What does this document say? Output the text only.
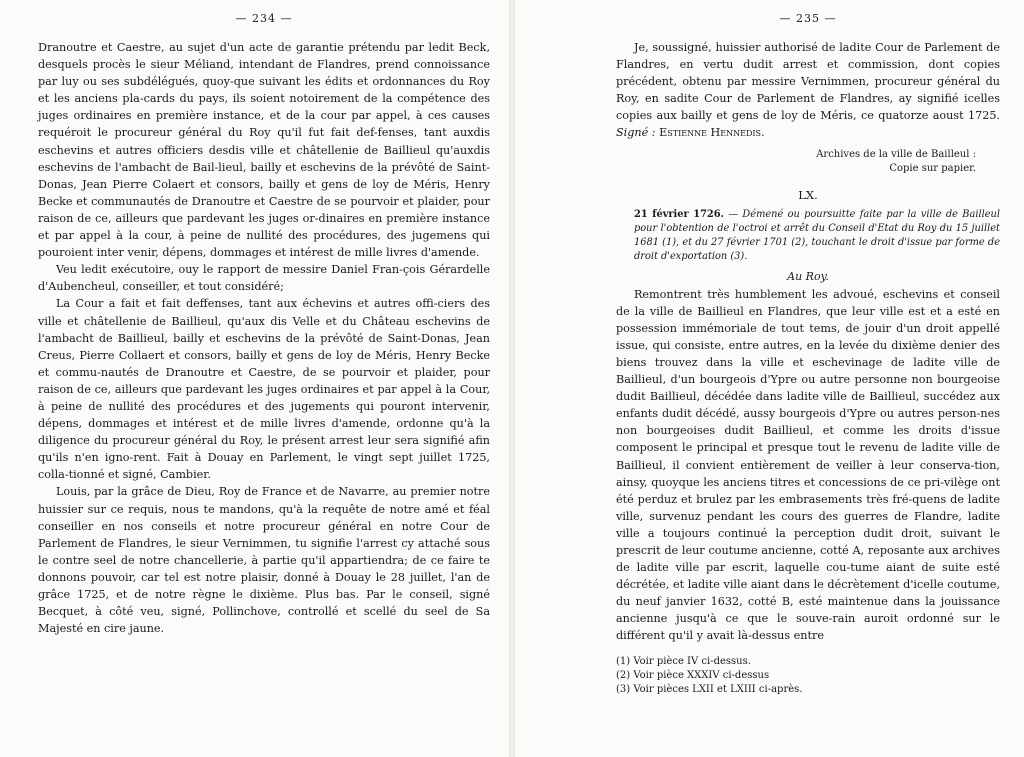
— 234 —

Dranoutre et Caestre, au sujet d'un acte de garantie prétendu par ledit Beck, desquels procès le sieur Méliand, intendant de Flandres, prend connoissance par luy ou ses subdélégués, quoy-que suivant les édits et ordonnances du Roy et les anciens pla-cards du pays, ils soient notoirement de la compétence des juges ordinaires en première instance, et de la cour par appel, à ces causes requéroit le procureur général du Roy qu'il fut fait def-fenses, tant auxdis eschevins et autres officiers desdis ville et châtellenie de Baillieul qu'auxdis eschevins de l'ambacht de Bail-lieul, bailly et eschevins de la prévôté de Saint-Donas, Jean Pierre Colaert et consors, bailly et gens de loy de Méris, Henry Becke et communautés de Dranoutre et Caestre de se pourvoir et plaider, pour raison de ce, ailleurs que pardevant les juges or-dinaires en première instance et par appel à la cour, à peine de nullité des procédures, des jugemens qui pouroient inter venir, dépens, dommages et intérest de mille livres d'amende.

Veu ledit exécutoire, ouy le rapport de messire Daniel Fran-çois Gérardelle d'Aubencheul, conseiller, et tout considéré;

La Cour a fait et fait deffenses, tant aux échevins et autres offi-ciers des ville et châtellenie de Baillieul, qu'aux dis Velle et du Château eschevins de l'ambacht de Baillieul, bailly et eschevins de la prévôté de Saint-Donas, Jean Creus, Pierre Collaert et consors, bailly et gens de loy de Méris, Henry Becke et commu-nautés de Dranoutre et Caestre, de se pourvoir et plaider, pour raison de ce, ailleurs que pardevant les juges ordinaires et par appel à la Cour, à peine de nullité des procédures et des jugements qui pouront intervenir, dépens, dommages et intérest et de mille livres d'amende, ordonne qu'à la diligence du procureur général du Roy, le présent arrest leur sera signifié afin qu'ils n'en igno-rent. Fait à Douay en Parlement, le vingt sept juillet 1725, colla-tionné et signé, Cambier.

Louis, par la grâce de Dieu, Roy de France et de Navarre, au premier notre huissier sur ce requis, nous te mandons, qu'à la requête de notre amé et féal conseiller en nos conseils et notre procureur général en notre Cour de Parlement de Flandres, le sieur Vernimmen, tu signifie l'arrest cy attaché sous le contre seel de notre chancellerie, à partie qu'il appartiendra; de ce faire te donnons pouvoir, car tel est notre plaisir, donné à Douay le 28 juillet, l'an de grâce 1725, et de notre règne le dixième. Plus bas. Par le conseil, signé Becquet, à côté veu, signé, Pollinchove, controllé et scellé du seel de Sa Majesté en cire jaune.

— 235 —

Je, soussigné, huissier authorisé de ladite Cour de Parlement de Flandres, en vertu dudit arrest et commission, dont copies précédent, obtenu par messire Vernimmen, procureur général du Roy, en sadite Cour de Parlement de Flandres, ay signifié icelles copies aux bailly et gens de loy de Méris, ce quatorze aoust 1725. Signé : Estienne Hennedis.

Archives de la ville de Bailleul :
Copie sur papier.
LX.
21 février 1726. — Démené ou poursuitte faite par la ville de Bailleul pour l'obtention de l'octroi et arrêt du Conseil d'Etat du Roy du 15 juillet 1681 (1), et du 27 février 1701 (2), touchant le droit d'issue par forme de droit d'exportation (3).
Au Roy.

Remontrent très humblement les advoué, eschevins et conseil de la ville de Baillieul en Flandres, que leur ville est et a esté en possession immémoriale de tout tems, de jouir d'un droit appellé issue, qui consiste, entre autres, en la levée du dixième denier des biens trouvez dans la ville et eschevinage de ladite ville de Baillieul, d'un bourgeois d'Ypre ou autre personne non bourgeoise dudit Baillieul, décédée dans ladite ville de Baillieul, succédez aux enfants dudit décédé, aussy bourgeois d'Ypre ou autres person-nes non bourgeoises dudit Baillieul, et comme les droits d'issue composent le principal et presque tout le revenu de ladite ville de Baillieul, il convient entièrement de veiller à leur conserva-tion, ainsy, quoyque les anciens titres et concessions de ce pri-vilège ont été perduz et brulez par les embrasements très fré-quens de ladite ville, survenuz pendant les cours des guerres de Flandre, ladite ville a toujours continué la perception dudit droit, suivant le prescrit de leur coutume ancienne, cotté A, reposante aux archives de ladite ville par escrit, laquelle cou-tume aiant de suite esté décrétée, et ladite ville aiant dans le décrètement d'icelle coutume, du neuf janvier 1632, cotté B, esté maintenue dans la jouissance ancienne jusqu'à ce que le souve-rain auroit ordonné sur le différent qu'il y avait là-dessus entre

(1) Voir pièce IV ci-dessus.
(2) Voir pièce XXXIV ci-dessus
(3) Voir pièces LXII et LXIII ci-après.
